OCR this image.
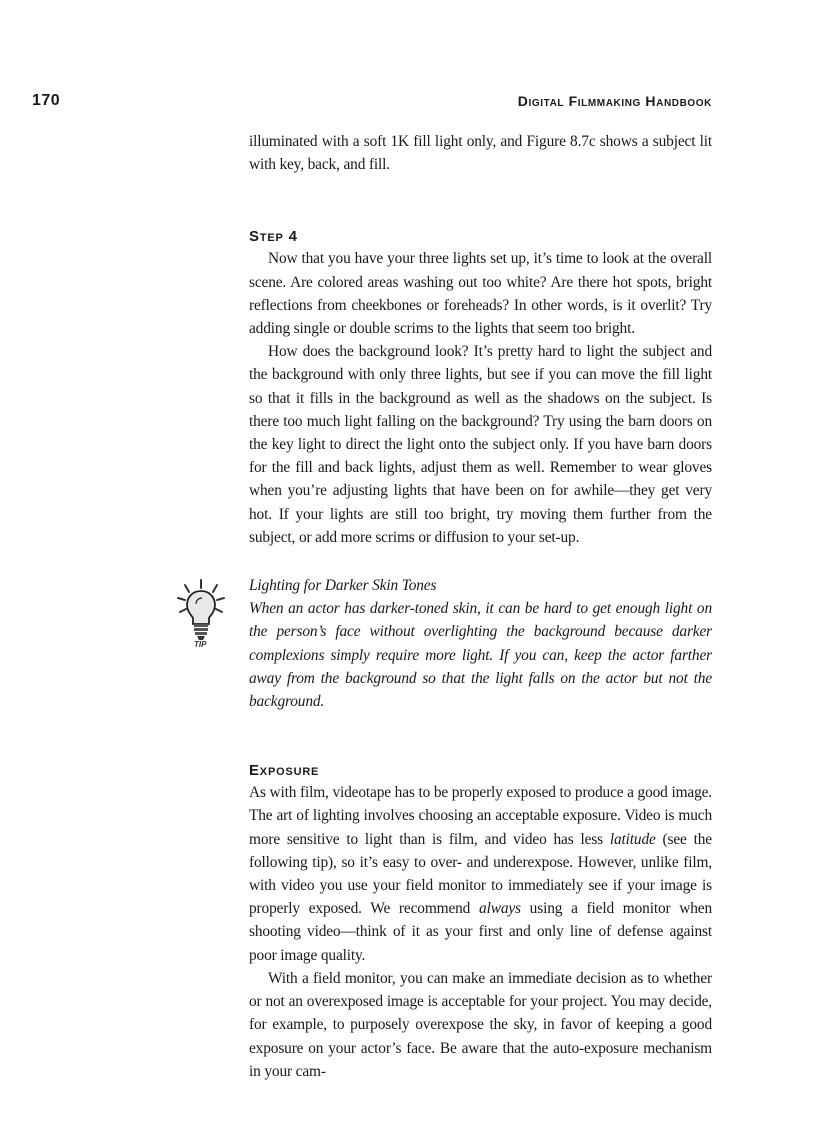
170	Digital Filmmaking Handbook
TIP

illuminated with a soft 1K fill light only, and Figure 8.7c shows a subject lit with key, back, and fill.

Step 4

Now that you have your three lights set up, it’s time to look at the overall scene. Are colored areas washing out too white? Are there hot spots, bright reflections from cheekbones or foreheads? In other words, is it overlit? Try adding single or double scrims to the lights that seem too bright.

How does the background look? It’s pretty hard to light the subject and the background with only three lights, but see if you can move the fill light so that it fills in the background as well as the shadows on the subject. Is there too much light falling on the background? Try using the barn doors on the key light to direct the light onto the subject only. If you have barn doors for the fill and back lights, adjust them as well. Remember to wear gloves when you’re adjusting lights that have been on for awhile—they get very hot. If your lights are still too bright, try moving them further from the subject, or add more scrims or diffusion to your set-up.

Lighting for Darker Skin Tones

When an actor has darker-toned skin, it can be hard to get enough light on the person’s face without overlighting the background because darker complexions simply require more light. If you can, keep the actor farther away from the background so that the light falls on the actor but not the background.

Exposure

As with film, videotape has to be properly exposed to produce a good image. The art of lighting involves choosing an acceptable exposure. Video is much more sensitive to light than is film, and video has less latitude (see the following tip), so it’s easy to over- and underexpose. However, unlike film, with video you use your field monitor to immediately see if your image is properly exposed. We recommend always using a field monitor when shooting video—think of it as your first and only line of defense against poor image quality.

With a field monitor, you can make an immediate decision as to whether or not an overexposed image is acceptable for your project. You may decide, for example, to purposely overexpose the sky, in favor of keeping a good exposure on your actor’s face. Be aware that the auto-exposure mechanism in your cam-
